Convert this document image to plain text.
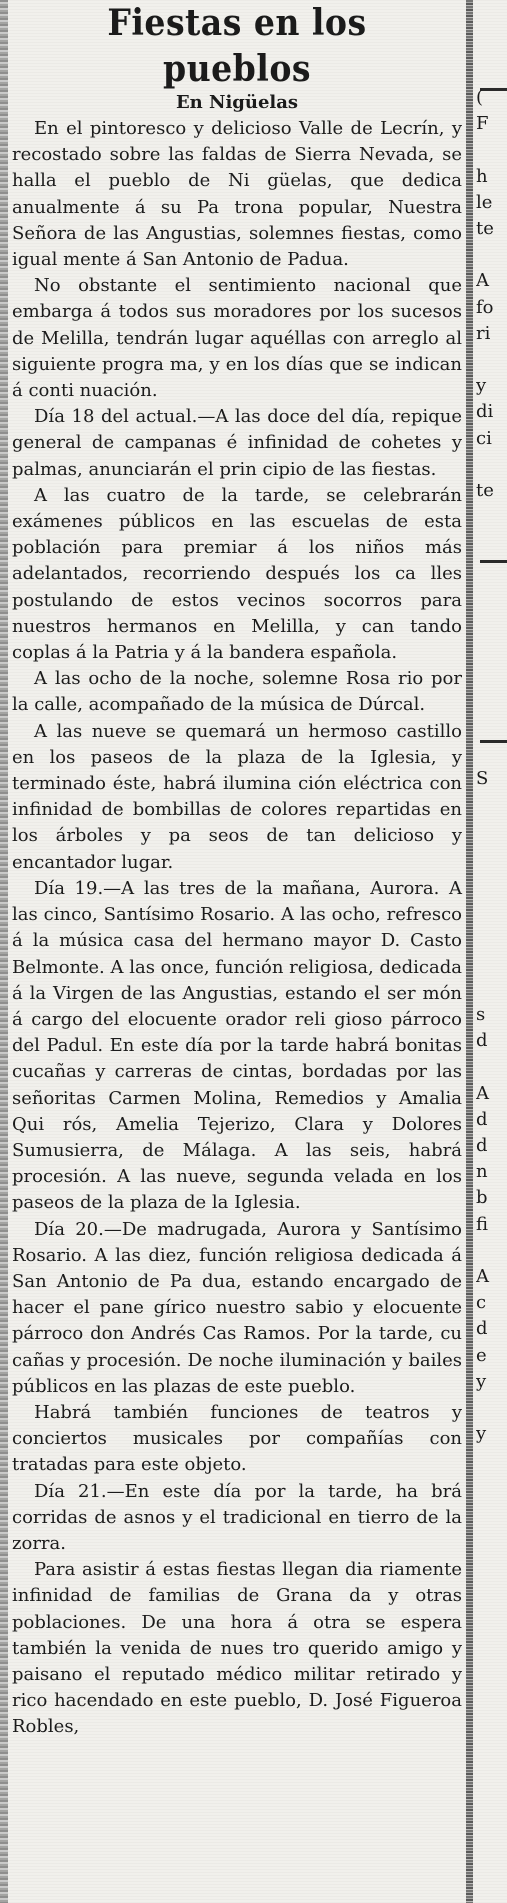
Fiestas en los pueblos
En Nigüelas

En el pintoresco y delicioso Valle de Lecrín, y recostado sobre las faldas de Sierra Nevada, se halla el pueblo de Ni güelas, que dedica anualmente á su Pa trona popular, Nuestra Señora de las Angustias, solemnes fiestas, como igual mente á San Antonio de Padua.

No obstante el sentimiento nacional que embarga á todos sus moradores por los sucesos de Melilla, tendrán lugar aquéllas con arreglo al siguiente progra ma, y en los días que se indican á conti nuación.

Día 18 del actual.—A las doce del día, repique general de campanas é infinidad de cohetes y palmas, anunciarán el prin cipio de las fiestas.

A las cuatro de la tarde, se celebrarán exámenes públicos en las escuelas de esta población para premiar á los niños más adelantados, recorriendo después los ca lles postulando de estos vecinos socorros para nuestros hermanos en Melilla, y can tando coplas á la Patria y á la bandera española.

A las ocho de la noche, solemne Rosa rio por la calle, acompañado de la música de Dúrcal.

A las nueve se quemará un hermoso castillo en los paseos de la plaza de la Iglesia, y terminado éste, habrá ilumina ción eléctrica con infinidad de bombillas de colores repartidas en los árboles y pa seos de tan delicioso y encantador lugar.

Día 19.—A las tres de la mañana, Aurora. A las cinco, Santísimo Rosario. A las ocho, refresco á la música casa del hermano mayor D. Casto Belmonte. A las once, función religiosa, dedicada á la Virgen de las Angustias, estando el ser món á cargo del elocuente orador reli gioso párroco del Padul. En este día por la tarde habrá bonitas cucañas y carreras de cintas, bordadas por las señoritas Carmen Molina, Remedios y Amalia Qui rós, Amelia Tejerizo, Clara y Dolores Sumusierra, de Málaga. A las seis, habrá procesión. A las nueve, segunda velada en los paseos de la plaza de la Iglesia.

Día 20.—De madrugada, Aurora y Santísimo Rosario. A las diez, función religiosa dedicada á San Antonio de Pa dua, estando encargado de hacer el pane gírico nuestro sabio y elocuente párroco don Andrés Cas Ramos. Por la tarde, cu cañas y procesión. De noche iluminación y bailes públicos en las plazas de este pueblo.

Habrá también funciones de teatros y conciertos musicales por compañías con tratadas para este objeto.

Día 21.—En este día por la tarde, ha brá corridas de asnos y el tradicional en tierro de la zorra.

Para asistir á estas fiestas llegan dia riamente infinidad de familias de Grana da y otras poblaciones. De una hora á otra se espera también la venida de nues tro querido amigo y paisano el reputado médico militar retirado y rico hacendado en este pueblo, D. José Figueroa Robles,

(
F
h
le
te
A
fo
ri
y
di
ci
te
S
s
d
A
d
d
n
b
fi
A
c
d
e
y
y
